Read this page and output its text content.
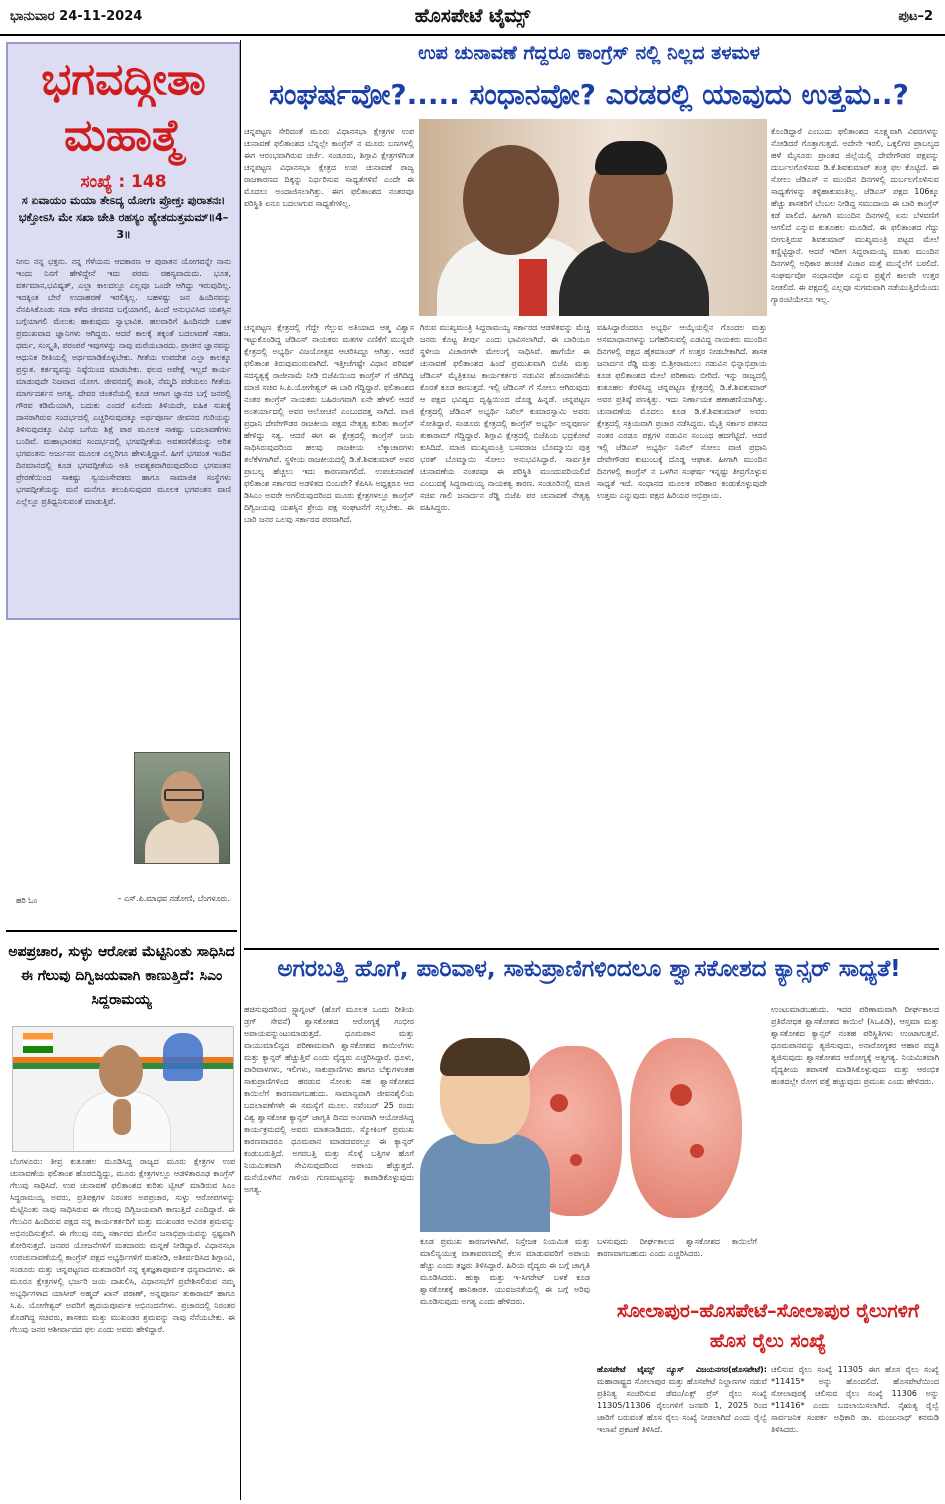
ಭಾನುವಾರ 24-11-2024	ಹೊಸಪೇಟೆ ಟೈಮ್ಸ್	ಪುಟ–2
ಭಗವದ್ಗೀತಾ ಮಹಾತ್ಮೆ
ಸಂಖ್ಯೆ : 148
ಸ ಏವಾಯಂ ಮಯಾ ತೇಽದ್ಯ ಯೋಗಃ ಪ್ರೋಕ್ತಃ ಪುರಾತನಃ। ಭಕ್ತೋಽಸಿ ಮೇ ಸಖಾ ಚೇತಿ ರಹಸ್ಯಂ ಹ್ಯೇತದುತ್ತಮಮ್॥4–3॥
ನೀನು ನನ್ನ ಭಕ್ತನು. ನನ್ನ ಗೆಳೆಯನು ಆದಕಾರಣ ಆ ಪುರಾತನ ಯೋಗವನ್ನೇ ನಾನು ಇಂದು ನಿನಗೆ ಹೇಳಿದ್ದೇನೆ ಇದು ಪರಮ ರಹಸ್ಯವಾದುದು. ಭೂತ, ವರ್ತಮಾನ,ಭವಿಷ್ಯತ್, ಎಲ್ಲಾ ಕಾಲದಲ್ಲೂ ಎಲ್ಲವೂ ಒಂದೇ ಆಗಿದ್ದು ಇರುವುದಿಲ್ಲ. ಇದಕ್ಕಿಂತ ಬೇರೆ ಉದಾಹರಣೆ ಇರಲಿಕ್ಕಿಲ್ಲ. ಬಹಳಷ್ಟು ಜನ ಹಿಂದಿನವನ್ನು ನೆನಪಿಸಿಕೊಂಡು ಸದಾ ಕಳೆದ ಜೀವನದ ಬಗ್ಗೆಯಾಗಲಿ, ಹಿಂದೆ ಅನುಭವಿಸಿದ ಯಶಸ್ಸಿನ ಬಗ್ಗೆಯಾಗಲಿ ಮೆಲುಕು ಹಾಕುವುದು ಸ್ವಾಭಾವಿಕ. ಹಲವಾರಿಗೆ ಹಿಂದಿನದೇ ಬಹಳ ಪ್ರಮುಖವಾದ ಜ್ಞಾನಿಗಳು ಆಗಿದ್ದರು. ಆದರೆ ಕಾಲಕ್ಕೆ ತಕ್ಕಂತೆ ಬದಲಾವಣೆ ಸಹಜ. ಧರ್ಮ, ಸಂಸ್ಕೃತಿ, ಪರಂಪರೆ ಇವುಗಳನ್ನು ನಾವು ಮರೆಯಬಾರದು. ಪ್ರಾಚೀನ ಜ್ಞಾನವನ್ನು ಆಧುನಿಕ ರೀತಿಯಲ್ಲಿ ಅರ್ಥಮಾಡಿಕೊಳ್ಳಬೇಕು. ಗೀತೆಯ ಉಪದೇಶ ಎಲ್ಲಾ ಕಾಲಕ್ಕೂ ಪ್ರಸ್ತುತ. ಕರ್ತವ್ಯವನ್ನು ನಿಷ್ಠೆಯಿಂದ ಮಾಡಬೇಕು. ಫಲದ ಅಪೇಕ್ಷೆ ಇಲ್ಲದೆ ಕಾರ್ಯ ಮಾಡುವುದೇ ನಿಜವಾದ ಯೋಗ. ಜೀವನದಲ್ಲಿ ಶಾಂತಿ, ನೆಮ್ಮದಿ ಪಡೆಯಲು ಗೀತೆಯ ಮಾರ್ಗದರ್ಶನ ಅಗತ್ಯ. ದೇವರ ಚಿಂತನೆಯಲ್ಲಿ ಕೂಡ ಆಗಾಗ ಜ್ಞಾನದ ಬಗ್ಗೆ ಜನರಲ್ಲಿ ಗೌರವ ಕಡಿಮೆಯಾಗಿ, ಬದುಕು ಎಂದರೆ ಏನೆಂದು ತಿಳಿಯದೇ, ಐಹಿಕ ಸುಖಕ್ಕೆ ದಾಸರಾಗಿರುವ ಸಂದರ್ಭದಲ್ಲಿ ಎಚ್ಚರಿಸುವುದಕ್ಕೂ ಅರ್ಥಪೂರ್ಣ ಜೀವನದ ಗುರಿಯನ್ನು ತಿಳಿಸುವುದಕ್ಕೂ ವಿವಿಧ ಬಗೆಯ ಶಿಕ್ಷೆ ಪಾಠ ಮೂಲಕ ಸಾಕಷ್ಟು ಬದಲಾವಣೆಗಳು ಬಂದಿವೆ. ಮಹಾಭಾರತದ ಸಂದರ್ಭದಲ್ಲಿ ಭಗವದ್ಗೀತೆಯ ಅವತರಣಿಕೆಯನ್ನು ಅರಿತ ಭಗವಂತನು ಅರ್ಜುನನ ಮೂಲಕ ಎಲ್ಲರಿಗೂ ಹೇಳುತ್ತಿದ್ದಾನೆ. ಹೀಗೆ ಭಗವಂತ ಇಂದಿನ ದಿನಮಾನದಲ್ಲಿ ಕೂಡ ಭಗವದ್ಗೀತೆಯ ಅತಿ ಅವಶ್ಯಕವಾಗಿರುವುದರಿಂದ ಭಗವಂತನ ಪ್ರೇರಣೆಯಿಂದ ಸಾಕಷ್ಟು ಸ್ವಯಂಸೇವಕರು ಹಾಗೂ ಸಾಮಾಜಿಕ ಸಂಸ್ಥೆಗಳು ಭಗವದ್ಗೀತೆಯನ್ನು ಮನೆ ಮನೆಗೂ ತಲುಪಿಸುವುದರ ಮೂಲಕ ಭಗವಂತನ ವಾಣಿ ಎಲ್ಲೆಲ್ಲೂ ಪ್ರತಿಧ್ವನಿಸುವಂತೆ ಮಾಡುತ್ತಿವೆ.
ಹರಿ ಓಂ	– ಎಸ್.ಪಿ.ಮಾಧವ ನಡೋಣಿ, ಬೆಂಗಳೂರು.
ಅಪಪ್ರಚಾರ, ಸುಳ್ಳು ಆರೋಪ ಮೆಟ್ಟಿನಿಂತು ಸಾಧಿಸಿದ ಈ ಗೆಲುವು ದಿಗ್ವಿಜಯವಾಗಿ ಕಾಣುತ್ತಿದೆ: ಸಿಎಂ ಸಿದ್ದರಾಮಯ್ಯ
ಬೆಂಗಳೂರು: ತೀವ್ರ ಕುತೂಹಲ ಮೂಡಿಸಿದ್ದ ರಾಜ್ಯದ ಮೂರು ಕ್ಷೇತ್ರಗಳ ಉಪ ಚುನಾವಣೆಯ ಫಲಿತಾಂಶ ಹೊರಬಿದ್ದಿದ್ದು, ಮೂರು ಕ್ಷೇತ್ರಗಳಲ್ಲೂ ಆಡಳಿತಾರೂಢ ಕಾಂಗ್ರೆಸ್ ಗೆಲುವು ಸಾಧಿಸಿದೆ. ಉಪ ಚುನಾವಣೆ ಫಲಿತಾಂಶದ ಕುರಿತು ಟ್ವೀಟ್ ಮಾಡಿರುವ ಸಿಎಂ ಸಿದ್ದರಾಮಯ್ಯ ಅವರು, ಪ್ರತಿಪಕ್ಷಗಳ ನಿರಂತರ ಅಪಪ್ರಚಾರ, ಸುಳ್ಳು ಆರೋಪಗಳನ್ನು ಮೆಟ್ಟಿನಿಂತು ನಾವು ಸಾಧಿಸಿರುವ ಈ ಗೆಲುವು ದಿಗ್ವಿಜಯವಾಗಿ ಕಾಣುತ್ತಿದೆ ಎಂದಿದ್ದಾರೆ. ಈ ಗೆಲುವಿನ ಹಿಂದಿರುವ ಪಕ್ಷದ ನನ್ನ ಕಾರ್ಯಕರ್ತರಿಗೆ ಮತ್ತು ಮುಖಂಡರ ಅವಿರತ ಶ್ರಮವನ್ನು ಅಭಿನಂದಿಸುತ್ತೇನೆ. ಈ ಗೆಲುವು ನಮ್ಮ ಸರ್ಕಾರದ ಮೇಲಿನ ಜನಾಭಿಪ್ರಾಯವನ್ನು ಸ್ಪಷ್ಟವಾಗಿ ತೋರಿಸುತ್ತದೆ. ಜನಪರ ಯೋಜನೆಗಳಿಗೆ ಮತದಾರರು ಮನ್ನಣೆ ನೀಡಿದ್ದಾರೆ. ವಿಧಾನಸಭಾ ಉಪಚುನಾವಣೆಯಲ್ಲಿ ಕಾಂಗ್ರೆಸ್ ಪಕ್ಷದ ಅಭ್ಯರ್ಥಿಗಳಿಗೆ ಮತನೀಡಿ, ಅಶೀರ್ವದಿಸಿದ ಶಿಗ್ಗಾಂವಿ, ಸಂಡೂರು ಮತ್ತು ಚನ್ನಪಟ್ಟಣದ ಮತದಾರರಿಗೆ ನನ್ನ ಕೃತಜ್ಞತಾಪೂರ್ವಕ ಧನ್ಯವಾದಗಳು. ಈ ಮೂರೂ ಕ್ಷೇತ್ರಗಳಲ್ಲಿ ಭರ್ಜರಿ ಜಯ ದಾಖಲಿಸಿ, ವಿಧಾನಸಭೆಗೆ ಪ್ರವೇಶಿಸಲಿರುವ ನಮ್ಮ ಅಭ್ಯರ್ಥಿಗಳಾದ ಯಾಸೀರ್ ಅಹ್ಮದ್ ಖಾನ್ ಪಠಾಣ್, ಅನ್ನಪೂರ್ಣ ತುಕಾರಾಮ್ ಹಾಗೂ ಸಿ.ಪಿ. ಯೋಗೇಶ್ವರ್ ಅವರಿಗೆ ಹೃದಯಪೂರ್ವಕ ಅಭಿನಂದನೆಗಳು. ಪ್ರಚಾರದಲ್ಲಿ ನಿರಂತರ ತೊಡಗಿದ್ದ ಸಚಿವರು, ಶಾಸಕರು ಮತ್ತು ಮುಖಂಡರ ಶ್ರಮವನ್ನು ನಾವು ನೆನೆಯಬೇಕು. ಈ ಗೆಲುವು ಜನರ ಆಶೀರ್ವಾದದ ಫಲ ಎಂದು ಅವರು ಹೇಳಿದ್ದಾರೆ.
ಉಪ ಚುನಾವಣೆ ಗೆದ್ದರೂ ಕಾಂಗ್ರೆಸ್ ನಲ್ಲಿ ನಿಲ್ಲದ ತಳಮಳ
ಸಂಘರ್ಷವೋ?..... ಸಂಧಾನವೋ? ಎರಡರಲ್ಲಿ ಯಾವುದು ಉತ್ತಮ..?
ಚನ್ನಪಟ್ಟಣ ಸೇರಿದಂತೆ ಮೂರು ವಿಧಾನಸಭಾ ಕ್ಷೇತ್ರಗಳ ಉಪ ಚುನಾವಣೆ ಫಲಿತಾಂಶದ ಬೆನ್ನಲ್ಲೇ ಕಾಂಗ್ರೆಸ್ ನ ಮೂರು ಬಣಗಳಲ್ಲಿ ಈಗ ಆರಂಭವಾಗಿರುವ ಚರ್ಚೆ. ಸಂಡೂರು, ಶಿಗ್ಗಾವಿ ಕ್ಷೇತ್ರಗಳಿಗಿಂತ ಚನ್ನಪಟ್ಟಣ ವಿಧಾನಸಭಾ ಕ್ಷೇತ್ರದ ಉಪ ಚುನಾವಣೆ ರಾಜ್ಯ ರಾಜಕಾರಣದ ದಿಕ್ಕನ್ನು ನಿರ್ಧರಿಸುವ ಸಾಧ್ಯತೆಗಳಿವೆ ಎಂದೇ ಈ ಮೊದಲು ಅಂದಾಜಿಸಲಾಗಿತ್ತು. ಈಗ ಫಲಿತಾಂಶದ ನಂತರವೂ ಪರಿಸ್ಥಿತಿ ಏನೂ ಬದಲಾಗುವ ಸಾಧ್ಯತೆಗಳಿಲ್ಲ.
ಚನ್ನಪಟ್ಟಣ ಕ್ಷೇತ್ರದಲ್ಲಿ ಗೆದ್ದೇ ಗೆಲ್ಲುವ ಅತಿಯಾದ ಆತ್ಮ ವಿಶ್ವಾಸ ಇಟ್ಟುಕೊಂಡಿದ್ದ ಜೆಡಿಎಸ್ ನಾಯಕರು ಮತಗಳ ಎಣಿಕೆಗೆ ಮುನ್ನವೇ ಕ್ಷೇತ್ರದಲ್ಲಿ ಅಭ್ಯರ್ಥಿ ವಿಜಯೋತ್ಸವ ಆಚರಿಸಿದ್ದೂ ಆಗಿತ್ತು. ಆದರೆ ಫಲಿತಾಂಶ ತಿರುವುಮುರುವಾಗಿದೆ. ಇತ್ತೀಚೆಗಷ್ಟೇ ವಿಧಾನ ಪರಿಷತ್ ಸದಸ್ಯತ್ವಕ್ಕೆ ರಾಜೀನಾಮೆ ನೀಡಿ ಬಿಜೆಪಿಯಿಂದ ಕಾಂಗ್ರೆಸ್ ಗೆ ಜಿಗಿದಿದ್ದ ಮಾಜಿ ಸಚಿವ ಸಿ.ಪಿ.ಯೋಗೇಶ್ವರ್ ಈ ಬಾರಿ ಗೆದ್ದಿದ್ದಾರೆ. ಫಲಿತಾಂಶದ ನಂತರ ಕಾಂಗ್ರೆಸ್ ನಾಯಕರು ಬಹಿರಂಗವಾಗಿ ಏನೇ ಹೇಳಲಿ ಆದರೆ ಅಂತರ್ಯಾದಲ್ಲಿ ಅವರ ಆಲೋಚನೆ ಎಂಬುದರತ್ತ ಸಾಗಿದೆ. ವಾಜಿ ಪ್ರಧಾನಿ ದೇವೇಗೌಡರ ರಾಜಕೀಯ ಪಕ್ಷದ ನೇತೃತ್ವ ಕುರಿತು ಕಾಂಗ್ರೆಸ್ ಹೇಳಿದ್ದು ಸತ್ಯ. ಆದರೆ ಈಗ ಈ ಕ್ಷೇತ್ರದಲ್ಲಿ ಕಾಂಗ್ರೆಸ್ ಜಯ ಸಾಧಿಸಿರುವುದರಿಂದ ಹಲವು ರಾಜಕೀಯ ಲೆಕ್ಕಾಚಾರಗಳು ತಲೆಕೆಳಗಾಗಿವೆ. ಸ್ಥಳೀಯ ರಾಜಕೀಯದಲ್ಲಿ ಡಿ.ಕೆ.ಶಿವಕುಮಾರ್ ಅವರ ಪ್ರಾಬಲ್ಯ ಹೆಚ್ಚಲು ಇದು ಕಾರಣವಾಗಲಿದೆ. ಉಪಚುನಾವಣೆ ಫಲಿತಾಂಶ ಸರ್ಕಾರದ ಅಡಳಿತದ ಬಿಂಬವೇ? ಕೆಪಿಸಿಸಿ ಅಧ್ಯಕ್ಷರೂ ಆದ ಡಿಸಿಎಂ ಅವರೇ ಅಗಲಿರುವುದರಿಂದ ಮೂರು ಕ್ಷೇತ್ರಗಳಲ್ಲೂ ಕಾಂಗ್ರೆಸ್ ದಿಗ್ವಿಜಯವು ಯಶಸ್ಸಿನ ಶ್ರೇಯ ಪಕ್ಷ ಸಂಘಟನೆಗೆ ಸಲ್ಲಬೇಕು. ಈ ಬಾರಿ ಜನರ ಒಲವು ಸರ್ಕಾರದ ಪರವಾಗಿದೆ.
ಗಿರುವ ಮುಖ್ಯಮಂತ್ರಿ ಸಿದ್ದರಾಮಯ್ಯ ಸರ್ಕಾರದ ಆಡಳಿತವನ್ನು ಮೆಚ್ಚಿ ಜನರು ಕೊಟ್ಟ ತೀರ್ಪು ಎಂದು ಭಾವಿಸಲಾಗಿದೆ. ಈ ಬಾರಿಯೂ ಸ್ಥಳೀಯ ವಿಚಾರಗಳೇ ಮೇಲುಗೈ ಸಾಧಿಸಿವೆ. ಹಾಗೆಯೇ ಈ ಚುನಾವಣೆ ಫಲಿತಾಂಶದ ಹಿಂದೆ ಪ್ರಮುಖವಾಗಿ ಬಿಜೆಪಿ ಮತ್ತು ಜೆಡಿಎಸ್ ಮೈತ್ರಿಕೂಟ ಕಾರ್ಯಕರ್ತರ ನಡುವಿನ ಹೊಂದಾಣಿಕೆಯ ಕೊರತೆ ಕೂಡ ಕಾಣುತ್ತದೆ. ಇಲ್ಲಿ ಜೆಡಿಎಸ್ ಗೆ ಸೋಲು ಆಗಿರುವುದು ಆ ಪಕ್ಷದ ಭವಿಷ್ಯದ ದೃಷ್ಟಿಯಿಂದ ದೊಡ್ಡ ಹಿನ್ನಡೆ. ಚನ್ನಪಟ್ಟಣ ಕ್ಷೇತ್ರದಲ್ಲಿ ಜೆಡಿಎಸ್ ಅಭ್ಯರ್ಥಿ ನಿಖಿಲ್ ಕುಮಾರಸ್ವಾಮಿ ಅವರು ಸೋತಿದ್ದಾರೆ. ಸಂಡೂರು ಕ್ಷೇತ್ರದಲ್ಲಿ ಕಾಂಗ್ರೆಸ್ ಅಭ್ಯರ್ಥಿ ಅನ್ನಪೂರ್ಣ ತುಕಾರಾಮ್ ಗೆದ್ದಿದ್ದಾರೆ. ಶಿಗ್ಗಾವಿ ಕ್ಷೇತ್ರದಲ್ಲಿ ಬಿಜೆಪಿಯ ಭದ್ರಕೋಟೆ ಕುಸಿದಿದೆ. ಮಾಜಿ ಮುಖ್ಯಮಂತ್ರಿ ಬಸವರಾಜ ಬೊಮ್ಮಾಯಿ ಪುತ್ರ ಭರತ್ ಬೊಮ್ಮಾಯಿ ಸೋಲು ಅನುಭವಿಸಿದ್ದಾರೆ. ಸಾರ್ವತ್ರಿಕ ಚುನಾವಣೆಯ ನಂತರವೂ ಈ ಪರಿಸ್ಥಿತಿ ಮುಂದುವರಿಯಲಿದೆ ಎಂಬುದಕ್ಕೆ ಸಿದ್ದರಾಮಯ್ಯ ನಾಯಕತ್ವ ಕಾರಣ. ಸಂಡೂರಿನಲ್ಲಿ ಮಾಜಿ ಸಚಿವ ಗಾಲಿ ಜನಾರ್ದನ ರೆಡ್ಡಿ ಬಿಜೆಪಿ ಪರ ಚುನಾವಣೆ ನೇತೃತ್ವ ವಹಿಸಿದ್ದರು.
ವಹಿಸಿದ್ದಾರೆಂದರೂ ಅಭ್ಯರ್ಥಿ ಆಯ್ಕೆಯಲ್ಲಿನ ಗೊಂದಲ ಮತ್ತು ಅಸಮಾಧಾನಗಳನ್ನು ಬಗೆಹರಿಸುವಲ್ಲಿ ಎಡವಿದ್ದ ನಾಯಕರು ಮುಂದಿನ ದಿನಗಳಲ್ಲಿ ಪಕ್ಷದ ಹೈಕಮಾಂಡ್ ಗೆ ಉತ್ತರ ನೀಡಬೇಕಾಗಿದೆ. ಶಾಸಕ ಜನಾರ್ದನ ರೆಡ್ಡಿ ಮತ್ತು ಬಿ.ಶ್ರೀರಾಮುಲು ನಡುವಿನ ಭಿನ್ನಾಭಿಪ್ರಾಯ ಕೂಡ ಫಲಿತಾಂಶದ ಮೇಲೆ ಪರಿಣಾಮ ಬೀರಿದೆ. ಇನ್ನು ರಾಜ್ಯದಲ್ಲಿ ಕುತೂಹಲ ಕೆರಳಿಸಿದ್ದ ಚನ್ನಪಟ್ಟಣ ಕ್ಷೇತ್ರದಲ್ಲಿ ಡಿ.ಕೆ.ಶಿವಕುಮಾರ್ ಅವರ ಪ್ರತಿಷ್ಠೆ ಪಣಕ್ಕಿತ್ತು. ಇದು ನಿರ್ಣಾಯಕ ಹಣಾಹಣಿಯಾಗಿತ್ತು. ಚುನಾವಣೆಯ ಮೊದಲು ಕೂಡ ಡಿ.ಕೆ.ಶಿವಕುಮಾರ್ ಅವರು ಕ್ಷೇತ್ರದಲ್ಲಿ ಸಕ್ರಿಯವಾಗಿ ಪ್ರಚಾರ ನಡೆಸಿದ್ದರು. ಮೈತ್ರಿ ಸರ್ಕಾರ ಪತನದ ನಂತರ ಎರಡೂ ಪಕ್ಷಗಳ ನಡುವಿನ ಸಂಬಂಧ ಹದಗೆಟ್ಟಿದೆ. ಆದರೆ ಇಲ್ಲಿ ಜೆಡಿಎಸ್ ಅಭ್ಯರ್ಥಿ ನಿಖಿಲ್ ಸೋಲು ವಾಜಿ ಪ್ರಧಾನಿ ದೇವೇಗೌಡರ ಕುಟುಂಬಕ್ಕೆ ದೊಡ್ಡ ಆಘಾತ. ಹೀಗಾಗಿ ಮುಂದಿನ ದಿನಗಳಲ್ಲಿ ಕಾಂಗ್ರೆಸ್ ನ ಒಳಗಿನ ಸಂಘರ್ಷ ಇನ್ನಷ್ಟು ತೀವ್ರಗೊಳ್ಳುವ ಸಾಧ್ಯತೆ ಇದೆ. ಸಂಧಾನದ ಮೂಲಕ ಪರಿಹಾರ ಕಂಡುಕೊಳ್ಳುವುದೇ ಉತ್ತಮ ಎನ್ನುವುದು ಪಕ್ಷದ ಹಿರಿಯರ ಅಭಿಪ್ರಾಯ.
ಕೊಂಡಿದ್ದಾರೆ ಎಂಬುದು ಫಲಿತಾಂಶದ ಸೂಕ್ಷ್ಮವಾಗಿ ವಿವರಗಳನ್ನು ನೋಡಿದರೆ ಗೊತ್ತಾಗುತ್ತದೆ. ಅದೇನೇ ಇರಲಿ, ಒಕ್ಕಲಿಗರ ಪ್ರಾಬಲ್ಯದ ಹಳೆ ಮೈಸೂರು ಪ್ರಾಂತದ ಜಿಲ್ಲೆಯಲ್ಲಿ ದೇವೇಗೌಡರ ಪಕ್ಷವನ್ನು ದುರ್ಬಲಗೊಳಿಸುವ ಡಿ.ಕೆ.ಶಿವಕುಮಾರ್ ತಂತ್ರ ಫಲ ಕೊಟ್ಟಿದೆ. ಈ ಸೋಲು ಜೆಡಿಎಸ್ ನ ಮುಂದಿನ ದಿನಗಳಲ್ಲಿ ದುರ್ಬಲಗೊಳಿಸುವ ಸಾಧ್ಯತೆಗಳನ್ನು ತಳ್ಳಿಹಾಕುವಂತಿಲ್ಲ. ಜೆಡಿಎಸ್ ಪಕ್ಷದ 106ಕ್ಕೂ ಹೆಚ್ಚು ಶಾಸಕರಿಗೆ ಬೆಂಬಲ ನೀಡಿದ್ದ ಸಮುದಾಯ ಈ ಬಾರಿ ಕಾಂಗ್ರೆಸ್ ಕಡೆ ವಾಲಿದೆ. ಹೀಗಾಗಿ ಮುಂದಿನ ದಿನಗಳಲ್ಲಿ ಏನು ಬೆಳವಣಿಗೆ ಆಗಲಿದೆ ಎನ್ನುವ ಕುತೂಹಲ ಮೂಡಿದೆ. ಈ ಫಲಿತಾಂಶದ ಗೆದ್ದು ಬೀಗುತ್ತಿರುವ ಶಿವಕುಮಾರ್ ಮುಖ್ಯಮಂತ್ರಿ ಪಟ್ಟದ ಮೇಲೆ ಕಣ್ಣಿಟ್ಟಿದ್ದಾರೆ. ಆದರೆ ಇದೀಗ ಸಿದ್ದರಾಮಯ್ಯ ಮಾತು ಮುಂದಿನ ದಿನಗಳಲ್ಲಿ ಅಧಿಕಾರ ಹಂಚಿಕೆ ವಿಚಾರ ಮತ್ತೆ ಮುನ್ನೆಲೆಗೆ ಬರಲಿದೆ. ಸಂಘರ್ಷವೋ ಸಂಧಾನವೋ ಎನ್ನುವ ಪ್ರಶ್ನೆಗೆ ಕಾಲವೇ ಉತ್ತರ ನೀಡಲಿದೆ. ಈ ಪಕ್ಷದಲ್ಲಿ ಎಲ್ಲವೂ ಸುಗಮವಾಗಿ ನಡೆಯುತ್ತಿದೆಯೆಂದು ಗ್ಯಾರಂಟಿಯೇನೂ ಇಲ್ಲ.
ಅಗರಬತ್ತಿ ಹೊಗೆ, ಪಾರಿವಾಳ, ಸಾಕುಪ್ರಾಣಿಗಳಿಂದಲೂ ಶ್ವಾಸಕೋಶದ ಕ್ಯಾನ್ಸರ್ ಸಾಧ್ಯತೆ!
ಹಚಿಸುವುದರಿಂದ ಸ್ಟ್ಯಾಗ್ನಂಟ್ (ಹೊಗೆ ಮೂಲಕ ಒಂದು ರೀತಿಯ ಡ್ರಗ್ ಸೇವನೆ) ಶ್ವಾಸಕೋಶದ ಆರೋಗ್ಯಕ್ಕೆ ಗಂಭೀರ ಅಪಾಯವನ್ನುಂಟುಮಾಡುತ್ತದೆ. ಧೂಮಪಾನ ಮತ್ತು ವಾಯುಮಾಲಿನ್ಯದ ಪರಿಣಾಮವಾಗಿ ಶ್ವಾಸಕೋಶದ ಕಾಯಿಲೆಗಳು ಮತ್ತು ಕ್ಯಾನ್ಸರ್ ಹೆಚ್ಚುತ್ತಿವೆ ಎಂದು ವೈದ್ಯರು ಎಚ್ಚರಿಸಿದ್ದಾರೆ. ಧೂಳು, ಪಾರಿವಾಳಗಳು, ಇಲಿಗಳು, ಸಾಕುಪ್ರಾಣಿಗಳು ಹಾಗೂ ಬೆಕ್ಕುಗಳಂತಹ ಸಾಕುಪ್ರಾಣಿಗಳಿಂದ ಹರಡುವ ಸೋಂಕು ಸಹ ಶ್ವಾಸಕೋಶದ ಕಾಯಿಲೆಗೆ ಕಾರಣವಾಗಬಹುದು. ಸಾಮಾನ್ಯವಾಗಿ ಜೀವನಶೈಲಿಯ ಬದಲಾವಣೆಗಳೇ ಈ ಸಮಸ್ಯೆಗೆ ಮೂಲ. ನವೆಂಬರ್ 25 ರಂದು ವಿಶ್ವ ಶ್ವಾಸಕೋಶ ಕ್ಯಾನ್ಸರ್ ಜಾಗೃತಿ ದಿನದ ಅಂಗವಾಗಿ ಆಯೋಜಿಸಿದ್ದ ಕಾರ್ಯಕ್ರಮದಲ್ಲಿ ಅವರು ಮಾತನಾಡಿದರು. ಸ್ಮೋಕಿಂಗ್ ಪ್ರಮುಖ ಕಾರಣವಾದರೂ ಧೂಮಪಾನ ಮಾಡದವರಲ್ಲೂ ಈ ಕ್ಯಾನ್ಸರ್ ಕಂಡುಬರುತ್ತಿದೆ. ಅಗರಬತ್ತಿ ಮತ್ತು ಸೊಳ್ಳೆ ಬತ್ತಿಗಳ ಹೊಗೆ ನಿಯಮಿತವಾಗಿ ಸೇವಿಸುವುದರಿಂದ ಅಪಾಯ ಹೆಚ್ಚುತ್ತದೆ. ಮನೆಯೊಳಗಿನ ಗಾಳಿಯ ಗುಣಮಟ್ಟವನ್ನು ಕಾಪಾಡಿಕೊಳ್ಳುವುದು ಅಗತ್ಯ.
ಕೂಡ ಪ್ರಮುಖ ಕಾರಣಗಳಾಗಿವೆ. ನಿಸ್ತೇಜಕ ನಿಯಮಿತ ಮತ್ತು ಮಾಲಿನ್ಯಯುಕ್ತ ವಾತಾವರಣದಲ್ಲಿ ಕೆಲಸ ಮಾಡುವವರಿಗೆ ಅಪಾಯ ಹೆಚ್ಚು ಎಂದು ತಜ್ಞರು ತಿಳಿಸಿದ್ದಾರೆ. ಹಿರಿಯ ವೈದ್ಯರು ಈ ಬಗ್ಗೆ ಜಾಗೃತಿ ಮೂಡಿಸಿದರು. ಹುಕ್ಕಾ ಮತ್ತು ಇ-ಸಿಗರೇಟ್ ಬಳಕೆ ಕೂಡ ಶ್ವಾಸಕೋಶಕ್ಕೆ ಹಾನಿಕಾರಕ. ಯುವಜನತೆಯಲ್ಲಿ ಈ ಬಗ್ಗೆ ಅರಿವು ಮೂಡಿಸುವುದು ಅಗತ್ಯ ಎಂದು ಹೇಳಿದರು.
ಬಳಸುವುದು ದೀರ್ಘಕಾಲದ ಶ್ವಾಸಕೋಶದ ಕಾಯಿಲೆಗೆ ಕಾರಣವಾಗಬಹುದು ಎಂದು ಎಚ್ಚರಿಸಿದರು.
ಉಂಟುಮಾಡಬಹುದು. ಇದರ ಪರಿಣಾಮವಾಗಿ ದೀರ್ಘಕಾಲದ ಪ್ರತಿರೋಧಕ ಶ್ವಾಸಕೋಶದ ಕಾಯಿಲೆ (ಸಿಒಪಿಡಿ), ಆಸ್ತಮಾ ಮತ್ತು ಶ್ವಾಸಕೋಶದ ಕ್ಯಾನ್ಸರ್ ನಂತಹ ಪರಿಸ್ಥಿತಿಗಳು ಉಂಟಾಗುತ್ತವೆ. ಧೂಮಪಾನವನ್ನು ತ್ಯಜಿಸುವುದು, ಅನಾರೋಗ್ಯಕರ ಆಹಾರ ಪದ್ಧತಿ ತ್ಯಜಿಸುವುದು ಶ್ವಾಸಕೋಶದ ಆರೋಗ್ಯಕ್ಕೆ ಅತ್ಯಗತ್ಯ. ನಿಯಮಿತವಾಗಿ ವೈದ್ಯಕೀಯ ತಪಾಸಣೆ ಮಾಡಿಸಿಕೊಳ್ಳುವುದು ಮತ್ತು ಆರಂಭಿಕ ಹಂತದಲ್ಲೇ ರೋಗ ಪತ್ತೆ ಹಚ್ಚುವುದು ಪ್ರಮುಖ ಎಂದು ಹೇಳಿದರು.
ಸೋಲಾಪುರ–ಹೊಸಪೇಟೆ–ಸೋಲಾಪುರ ರೈಲುಗಳಿಗೆ ಹೊಸ ರೈಲು ಸಂಖ್ಯೆ
ಹೊಸಪೇಟೆ ಟೈಮ್ಸ್ ನ್ಯೂಸ್ ವಿಜಯನಗರ(ಹೊಸಪೇಟೆ): ಮಹಾರಾಷ್ಟ್ರದ ಸೋಲಾಪುರ ಮತ್ತು ಹೊಸಪೇಟೆ ನಿಲ್ದಾಣಗಳ ನಡುವೆ ಪ್ರತಿನಿತ್ಯ ಸಂಚರಿಸುವ ಡೆಮು/ಎಕ್ಸ್ ಪ್ರೆಸ್ ರೈಲು ಸಂಖ್ಯೆ 11305/11306 ರೈಲುಗಳಿಗೆ ಜನವರಿ 1, 2025 ರಿಂದ ಜಾರಿಗೆ ಬರುವಂತೆ ಹೊಸ ರೈಲು ಸಂಖ್ಯೆ ನೀಡಲಾಗಿದೆ ಎಂದು ರೈಲ್ವೆ ಇಲಾಖೆ ಪ್ರಕಟಣೆ ತಿಳಿಸಿದೆ.
ಚಲಿಸುವ ರೈಲು ಸಂಖ್ಯೆ 11305 ಈಗ ಹೊಸ ರೈಲು ಸಂಖ್ಯೆ *11415* ಅನ್ನು ಹೊಂದಲಿದೆ. ಹೊಸಪೇಟೆಯಿಂದ ಸೋಲಾಪುರಕ್ಕೆ ಚಲಿಸುವ ರೈಲು ಸಂಖ್ಯೆ 11306 ಅನ್ನು *11416* ಎಂದು ಬದಲಾಯಿಸಲಾಗಿದೆ. ನೈಋತ್ಯ ರೈಲ್ವೆ ಸಾರ್ವಜನಿಕ ಸಂಪರ್ಕ ಅಧಿಕಾರಿ ಡಾ. ಮಂಜುನಾಥ್ ಕನಮಡಿ ತಿಳಿಸಿದರು.
